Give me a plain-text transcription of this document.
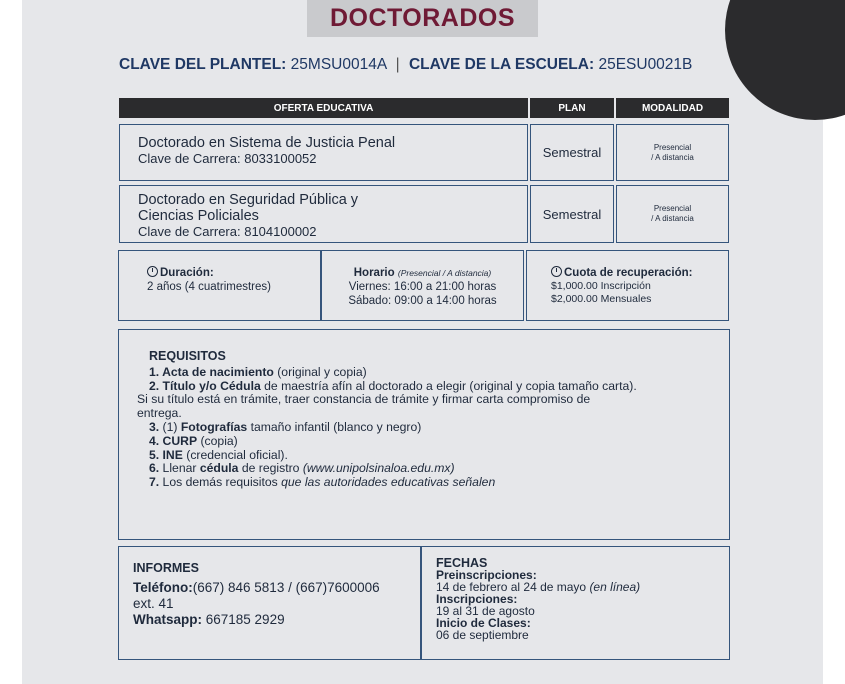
DOCTORADOS
CLAVE DEL PLANTEL: 25MSU0014A | CLAVE DE LA ESCUELA: 25ESU0021B
OFERTA EDUCATIVA	PLAN	MODALIDAD
Doctorado en Sistema de Justicia Penal
Clave de Carrera: 8033100052	Semestral	Presencial
/ A distancia
Doctorado en Seguridad Pública y
Ciencias Policiales
Clave de Carrera: 8104100002
Semestral	Presencial
/ A distancia
Duración:
2 años (4 cuatrimestres)
Horario (Presencial / A distancia)
Viernes: 16:00 a 21:00 horas
Sábado: 09:00 a 14:00 horas
Cuota de recuperación:
$1,000.00 Inscripción
$2,000.00 Mensuales
REQUISITOS
1. Acta de nacimiento (original y copia)
2. Título y/o Cédula de maestría afín al doctorado a elegir (original y copia tamaño carta).
Si su título está en trámite, traer constancia de trámite y firmar carta compromiso de
entrega.
3. (1) Fotografías tamaño infantil (blanco y negro)
4. CURP (copia)
5. INE (credencial oficial).
6. Llenar cédula de registro (www.unipolsinaloa.edu.mx)
7. Los demás requisitos que las autoridades educativas señalen
INFORMES
Teléfono:(667) 846 5813 / (667)7600006
ext. 41
Whatsapp: 667185 2929
FECHAS
Preinscripciones:
14 de febrero al 24 de mayo (en línea)
Inscripciones:
19 al 31 de agosto
Inicio de Clases:
06 de septiembre
